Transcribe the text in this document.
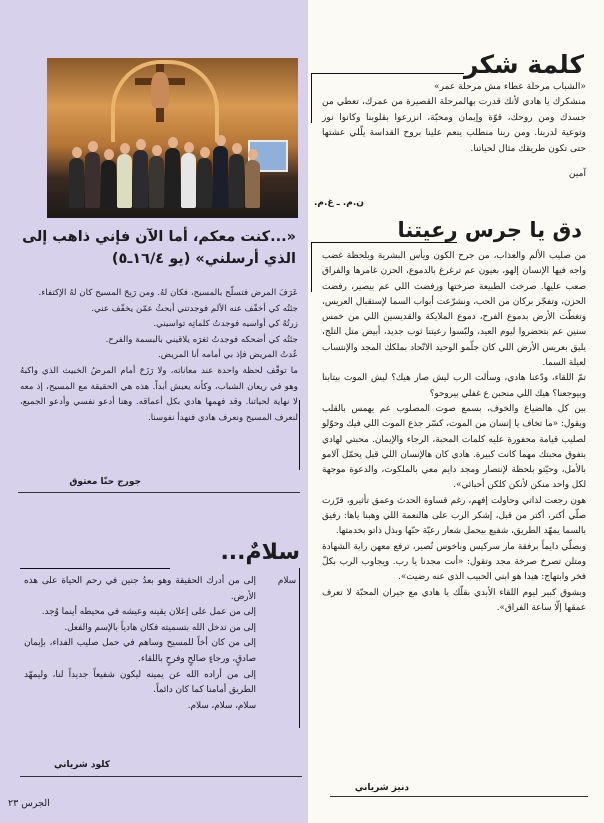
كلمة شكر

«الشباب مرحلة عطاء مش مرحلة عمر»

منشكرك يا هادي لأنك قدرت بهالمرحلة القصيرة من عمرك، تعطي من جسدك ومن روحك، قوّة وإيمان ومحبّة، انزرعوا بقلوبنا وكانوا نور وتوعية لدربنا. ومن ربنا منطلب ينعم علينا بروح القداسة يلّلي عشتها حتى تكون طريقك مثال لحياتنا.

آمين

ن.م. ـ غ.م.
دق يا جرس رعيتنا

من صليب الألم والعذاب، من جرح الكون ويأس البشرية وبلحظة غضب واجه فيها الإنسان إلهو، بعيون عم ترغرغ بالدموع، الحزن غامرها والفراق صعب عليها. صرخت الطبيعة صرختها ورفضت اللي عم بيصير، رفضت الحزن، وتفجّر بركان من الحب، ونشرّعت أبواب السما لإستقبال العريس، وتغطّت الأرض بدموع الفرح، دموع الملايكة والقديسين اللي من خمس سنين عم بتحضروا ليوم العيد، ولبّسوا رعيتنا ثوب جديد، أبيض متل التلج، يليق بعريس الأرض اللي كان جلّمو الوحيد الاتّحاد بملكك المجد والإنتساب لعيلة السما.

تمّ اللقاء، ودّعنا هادي، وسألت الرب ليش صار هيك؟ ليش الموت بيتابنا وبيوجعنا؟ هيك اللي منحبن ع غفلي بيروحو؟

بين كل هالضياع والخوف، بسمع صوت المصلوب عم يهمس بالقلب ويقول: «ما تخاف يا إنسان من الموت، كسّر جذع الموت اللي فيك وحوّلو لصليب قيامة محفورة عليه كلمات المحبة، الرجاء والإيمان. محبتي لهادي بتفوق محبتك مهما كانت كبيرة. هادي كان هالإنسان اللي قبل يحمّل آلامو بالأمل، وحيّتو بلحظة لإنتصار ومجد دايم معي بالملكوت، والدعوة موجهة لكل واحد منكن لأنكن كلكن أحبائي».

هون رجعت لذاتي وحاولت إفهم، رغم قساوة الحدث وعمق تأثيرو، قرّرت صلّي أكتر، أكتر من قبل، إشكر الرب على هالنعمة اللي وهبنا ياها: رفيق بالسما يمهّد الطريق، شفيع بيحمل شعار رعيّة حبّها وبذل ذاتو بخدمتها.

وبصلّي دايماً برفقة مار سركيس وباخوس تُصير، ترفع معهن راية الشهادة ومتلن تصرخ صرخة مجد وتقول: «أنت مجدنا يا رب. ويجاوب الرب بكلّ فخر وابتهاج: هيدا هو ابني الحبيب الذي عنه رضيت».

وبشوق كبير ليوم اللقاء الأبدي بقلّك يا هادي مع جيران المحبّة لا تعرف عمقها إلّا ساعة الفراق».

دنيز شرياني
«...كنت معكم، أما الآن فإني ذاهب إلى الذي أرسلني» (يو ١٦/٤ـ٥)

عَرَفَ المرض فتسلّح بالمسيح، فكان لهُ. ومن رَبِحَ المسيح كان لهُ الإكتفاء.

جئتُه كي أخفّف عنه الألم فوجدتني أبحثُ عمّن يخفّف عني.

زرتُهُ كي أواسيه فوجدتُ كلماتِه تواسيني.

جئتُه كي أضحكه فوجدتُ ثغرَه يلاقيني بالبسمة والفرح.

عُدتُ المريض فإذ بي أمامه أنا المريض.

ما توقّف لحظة واحدة عند معاناته، ولا رَزَحَ أمام المرضُ الخبيث الذي واكبهُ وهو في ريعان الشباب، وكأنه يعيش أبداً. هذه هي الحقيقة مع المسيح، إذ معه لا نهاية لحياتنا. وقد فهمها هادي بكل أعماقه. وهنا أدعو نفسي وأدعو الجميع، لنعرف المسيح ونعرف هادي فنهدأ نفوسنا.

جورج حنّا معتوق
سلامٌ...
سلام

إلى من أدرك الحقيقة وهو بعدُ جنين في رحم الحياة على هذه الأرض.

إلى من عمل على إعلان يقينه وعيشه في محيطه أينما وُجد.

إلى من تدخل الله بتسميته فكان هادياً بالإسم والفعل.

إلى من كان أخاً للمسيح وساهم في حمل صليب الفداء، بإيمان صادقٍ، ورجاءٍ صالحٍ وفرحٍ باللقاء.

إلى من أراده الله عن يمينه ليكون شفيعاً جديداً لنا، وليمهّد الطريق أمامنا كما كان دائماً.

سلام، سلام، سلام.

كلود شرياني
الجرس ٢٣
